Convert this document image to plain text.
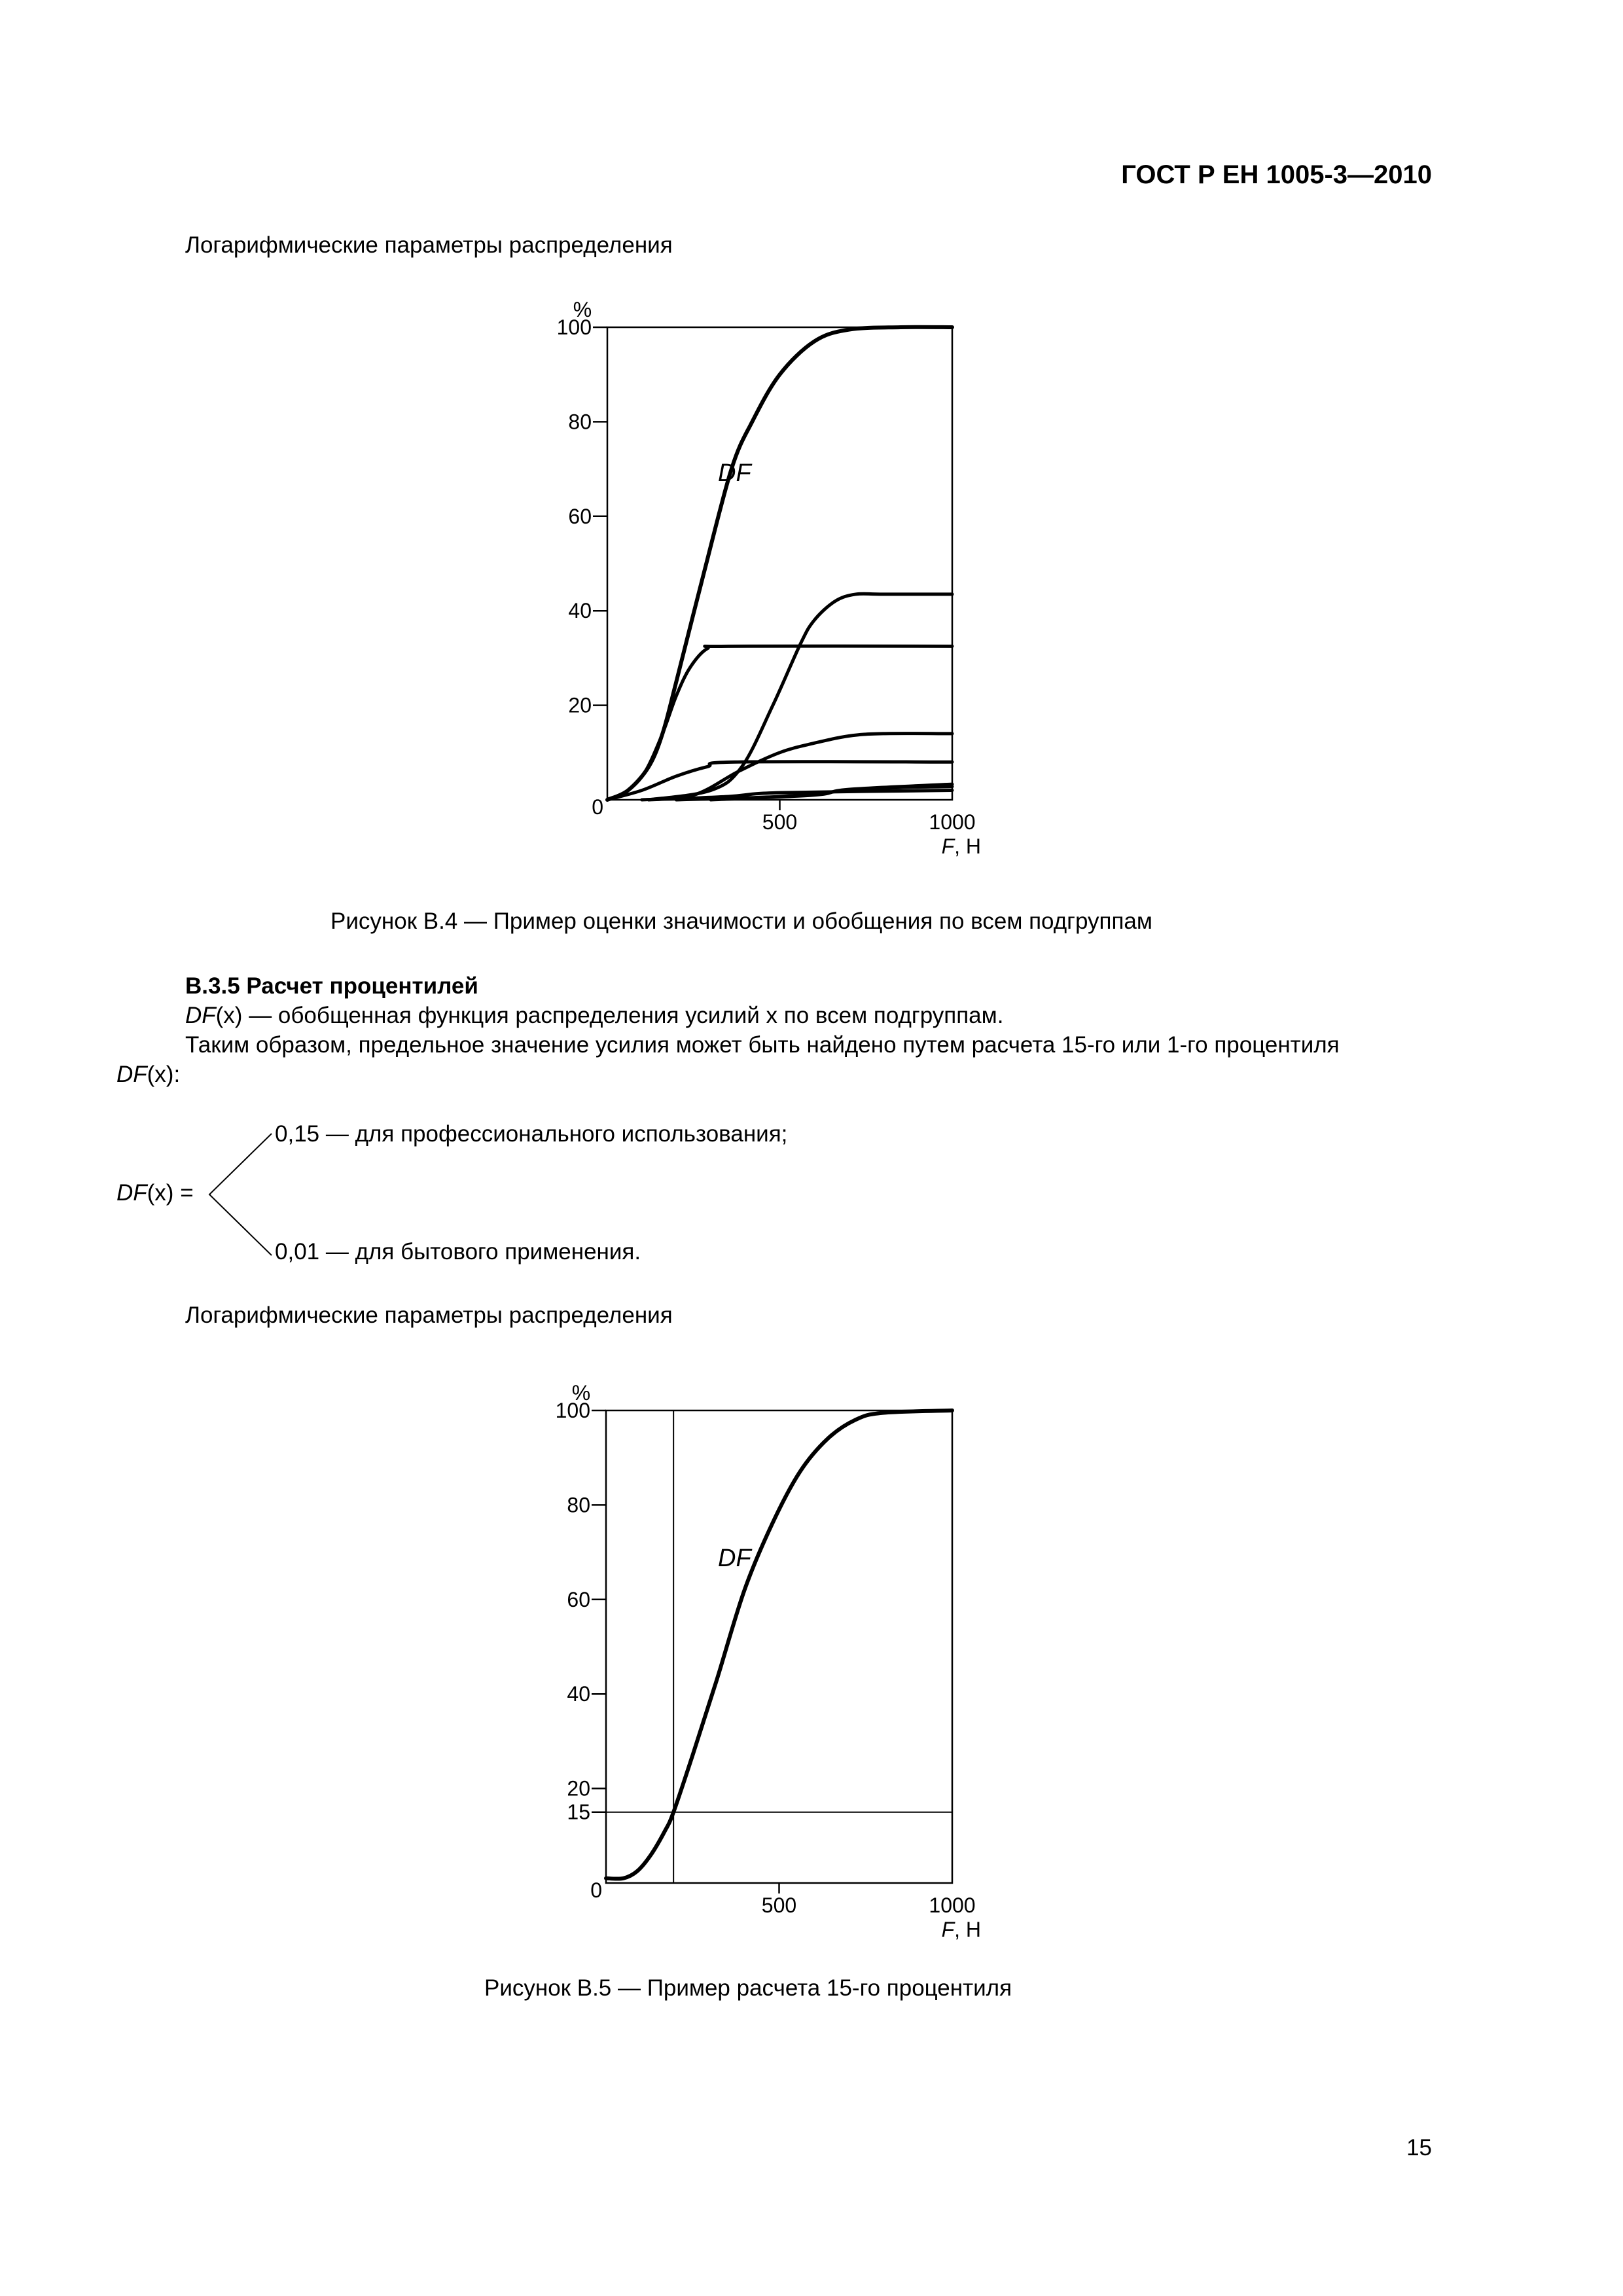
ГОСТ Р ЕН 1005-3—2010
Логарифмические параметры распределения
0
20
40
60
80
100
500	1000
%
F, Н
DF
Рисунок В.4 — Пример оценки значимости и обобщения по всем подгруппам
В.3.5 Расчет процентилей
DF(x) — обобщенная функция распределения усилий x по всем подгруппам.
Таким образом, предельное значение усилия может быть найдено путем расчета 15-го или 1-го процентиля
DF(x):
0,15 — для профессионального использования;
DF(x) =
0,01 — для бытового применения.
Логарифмические параметры распределения
0
20
15
40
60
80
100
500	1000
%
F, Н
DF
Рисунок В.5 — Пример расчета 15-го процентиля
15
